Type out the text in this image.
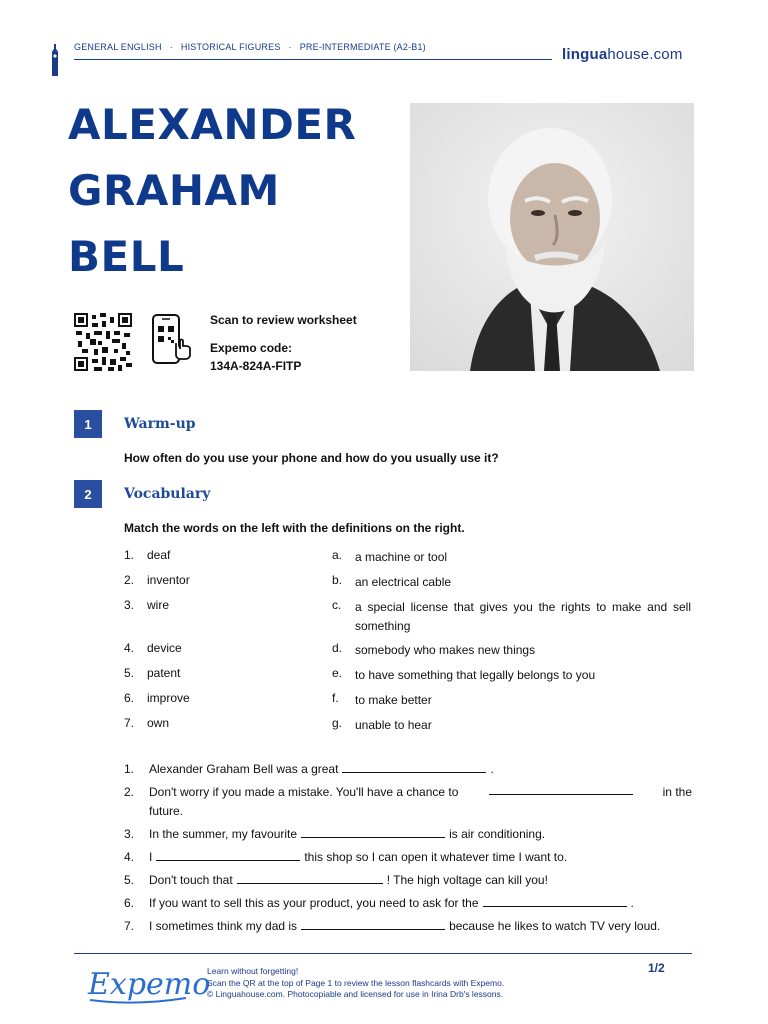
GENERAL ENGLISH · HISTORICAL FIGURES · PRE-INTERMEDIATE (A2-B1)	linguahouse.com
ALEXANDER
GRAHAM
BELL
Scan to review worksheet
Expemo code:
134A-824A-FITP
1	Warm-up
How often do you use your phone and how do you usually use it?
2	Vocabulary
Match the words on the left with the definitions on the right.
1. deaf	a. a machine or tool
2. inventor	b. an electrical cable
3. wire	c. a special license that gives you the rights to make and sell something
4. device	d. somebody who makes new things
5. patent	e. to have something that legally belongs to you
6. improve	f. to make better
7. own	g. unable to hear
1. Alexander Graham Bell was a great	.
2. Don't worry if you made a mistake. You'll have a chance to	in the
future.
3. In the summer, my favourite	is air conditioning.
4. I	this shop so I can open it whatever time I want to.
5. Don't touch that	! The high voltage can kill you!
6. If you want to sell this as your product, you need to ask for the	.
7. I sometimes think my dad is	because he likes to watch TV very loud.
Expemo
Learn without forgetting!
Scan the QR at the top of Page 1 to review the lesson flashcards with Expemo.
© Linguahouse.com. Photocopiable and licensed for use in Irina Drb's lessons.
1/2
